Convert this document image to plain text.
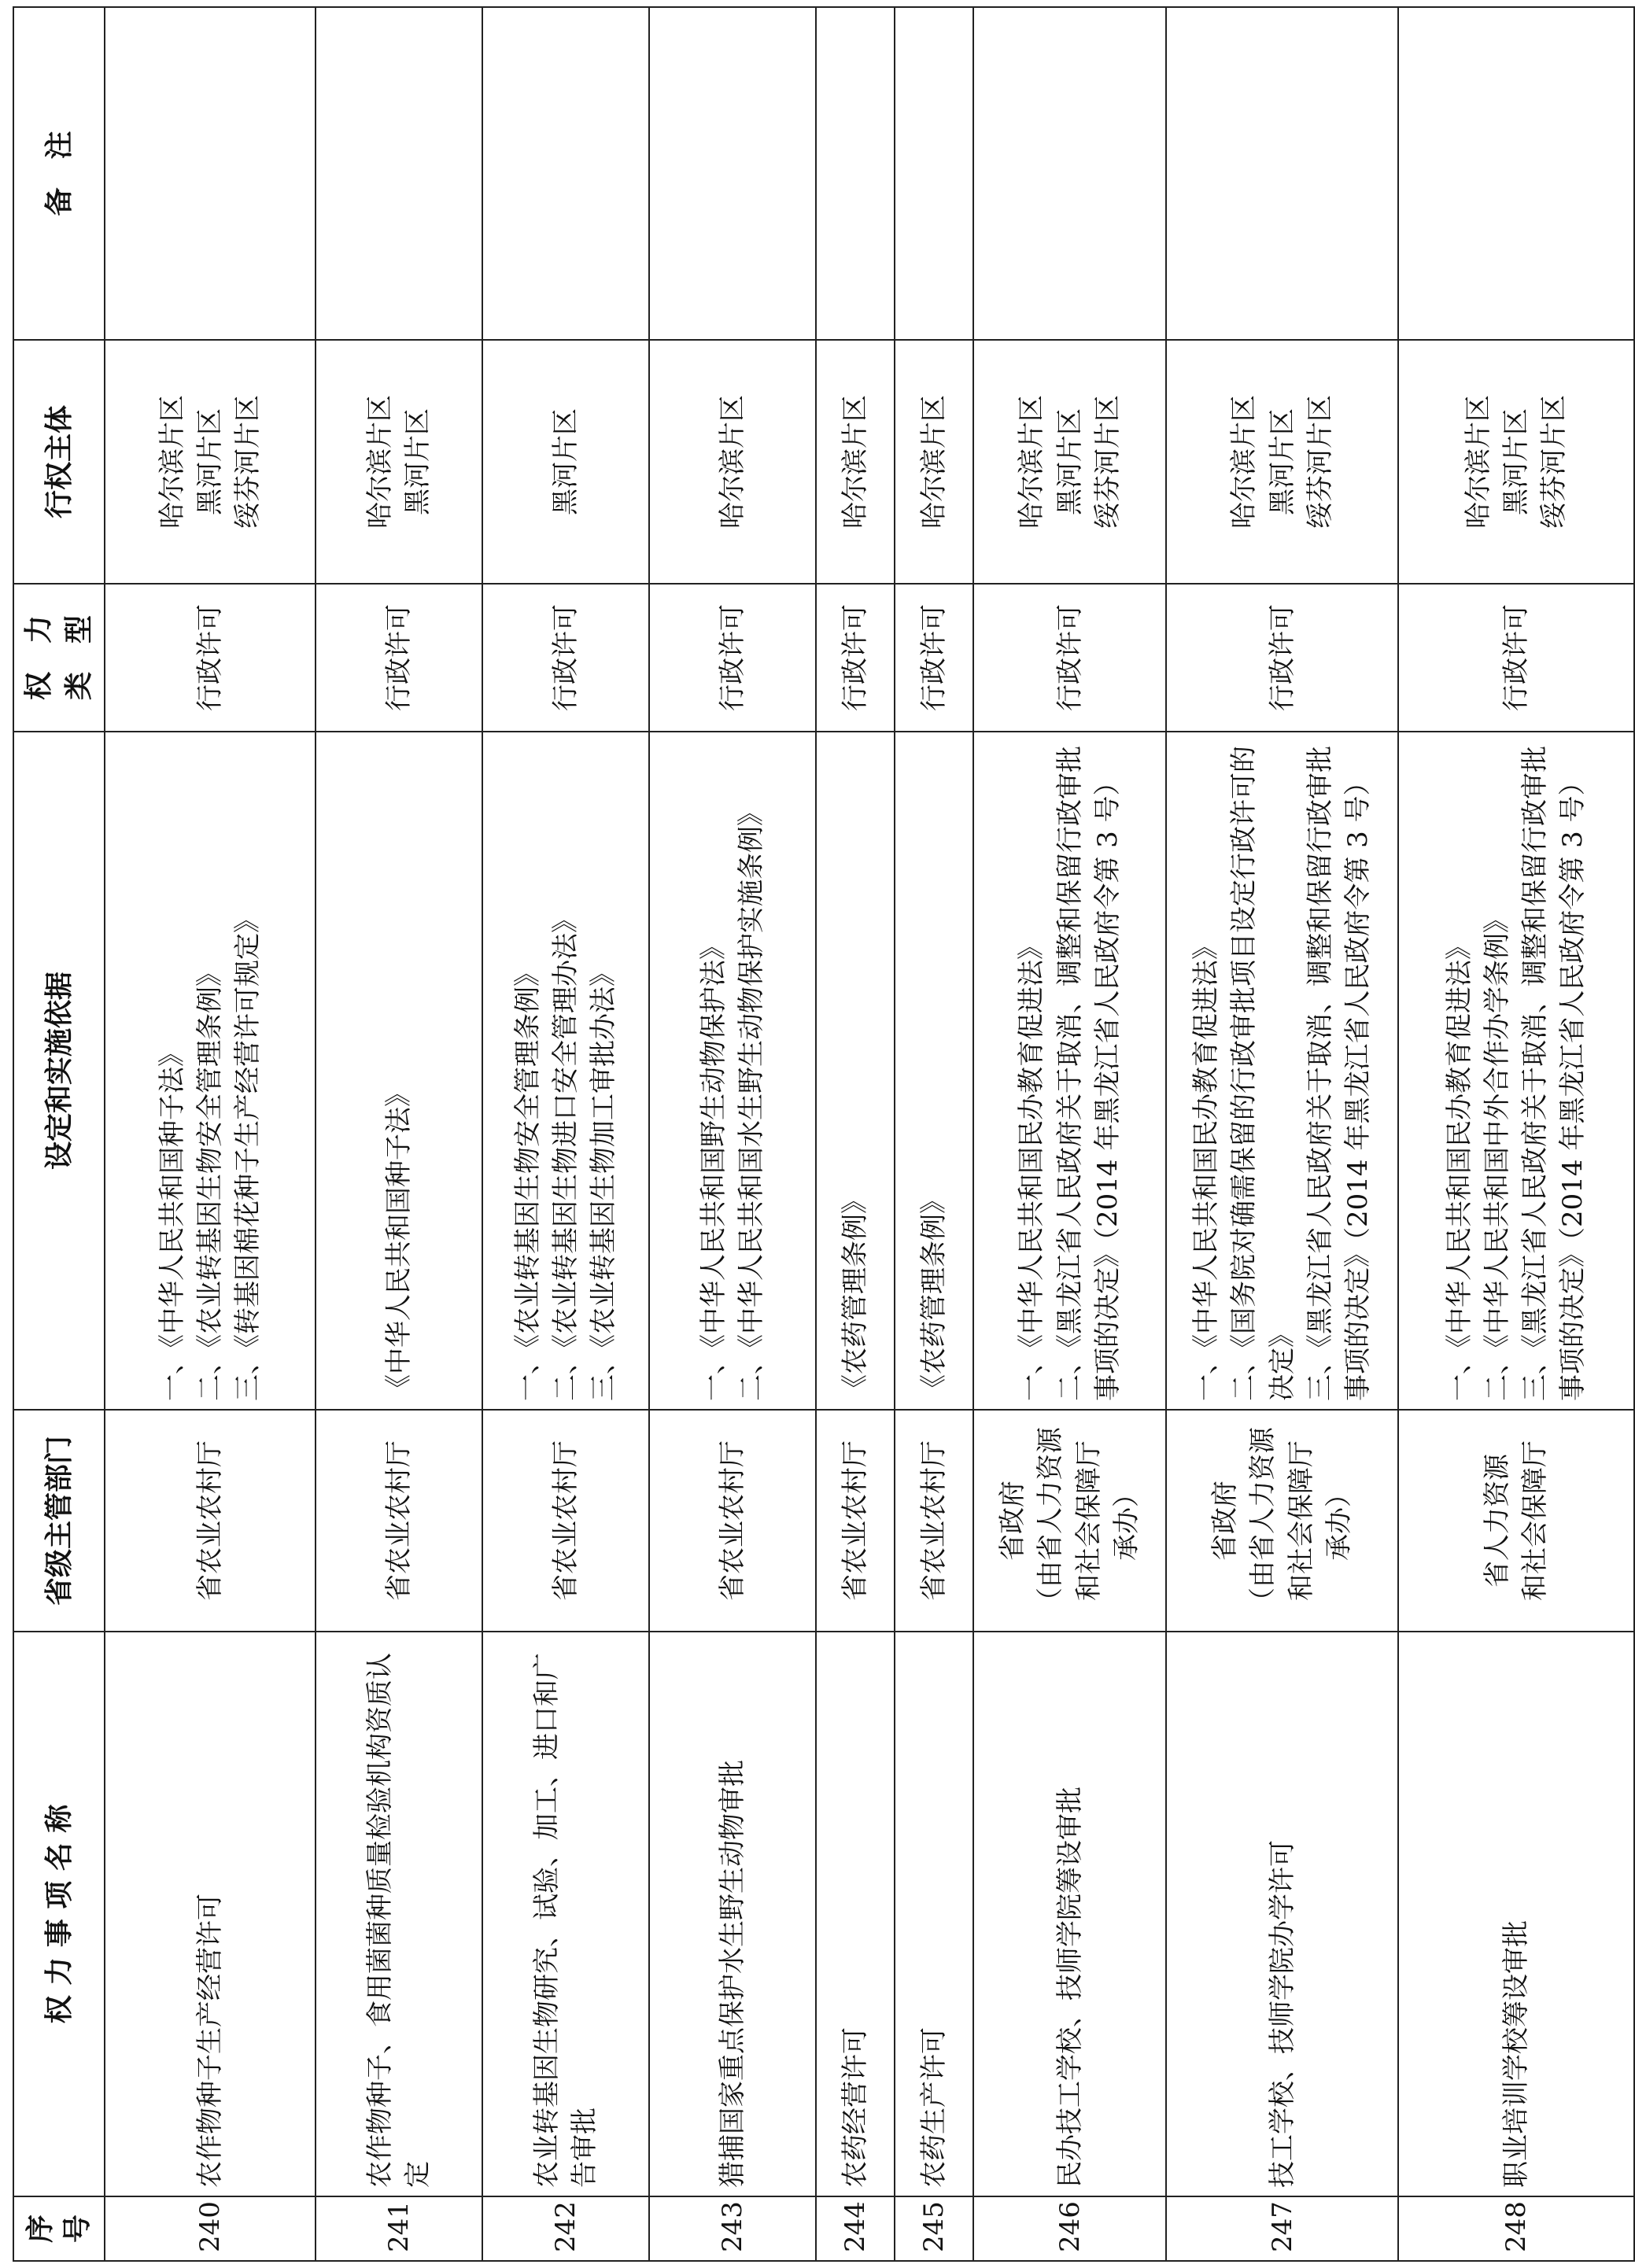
序 号	权 力 事 项 名 称	省级主管部门	设定和实施依据	权　力 类　型	行权主体	备　注
240	农作物种子生产经营许可	省农业农村厅	一、《中华人民共和国种子法》 二、《农业转基因生物安全管理条例》 三、《转基因棉花种子生产经营许可规定》	行政许可	哈尔滨片区 黑河片区 绥芬河片区	

241	农作物种子、食用菌菌种质量检验机构资质认定	省农业农村厅	《中华人民共和国种子法》	行政许可	哈尔滨片区 黑河片区	

242	农业转基因生物研究、试验、加工、进口和广告审批	省农业农村厅	一、《农业转基因生物安全管理条例》 二、《农业转基因生物进口安全管理办法》 三、《农业转基因生物加工审批办法》	行政许可	黑河片区	

243	猎捕国家重点保护水生野生动物审批	省农业农村厅	一、《中华人民共和国野生动物保护法》 二、《中华人民共和国水生野生动物保护实施条例》	行政许可	哈尔滨片区	

244	农药经营许可	省农业农村厅	《农药管理条例》	行政许可	哈尔滨片区	

245	农药生产许可	省农业农村厅	《农药管理条例》	行政许可	哈尔滨片区	

246	民办技工学校、技师学院筹设审批	省政府 （由省人力资源 和社会保障厅 承办）	一、《中华人民共和国民办教育促进法》 二、《黑龙江省人民政府关于取消、调整和保留行政审批事项的决定》（2014 年黑龙江省人民政府令第 3 号）	行政许可	哈尔滨片区 黑河片区 绥芬河片区	

247	技工学校、技师学院办学许可	省政府 （由省人力资源 和社会保障厅 承办）	一、《中华人民共和国民办教育促进法》 二、《国务院对确需保留的行政审批项目设定行政许可的决定》 三、《黑龙江省人民政府关于取消、调整和保留行政审批事项的决定》（2014 年黑龙江省人民政府令第 3 号）	行政许可	哈尔滨片区 黑河片区 绥芬河片区	

248	职业培训学校筹设审批	省人力资源 和社会保障厅	一、《中华人民共和国民办教育促进法》 二、《中华人民共和国中外合作办学条例》 三、《黑龙江省人民政府关于取消、调整和保留行政审批事项的决定》（2014 年黑龙江省人民政府令第 3 号）	行政许可	哈尔滨片区 黑河片区 绥芬河片区	
